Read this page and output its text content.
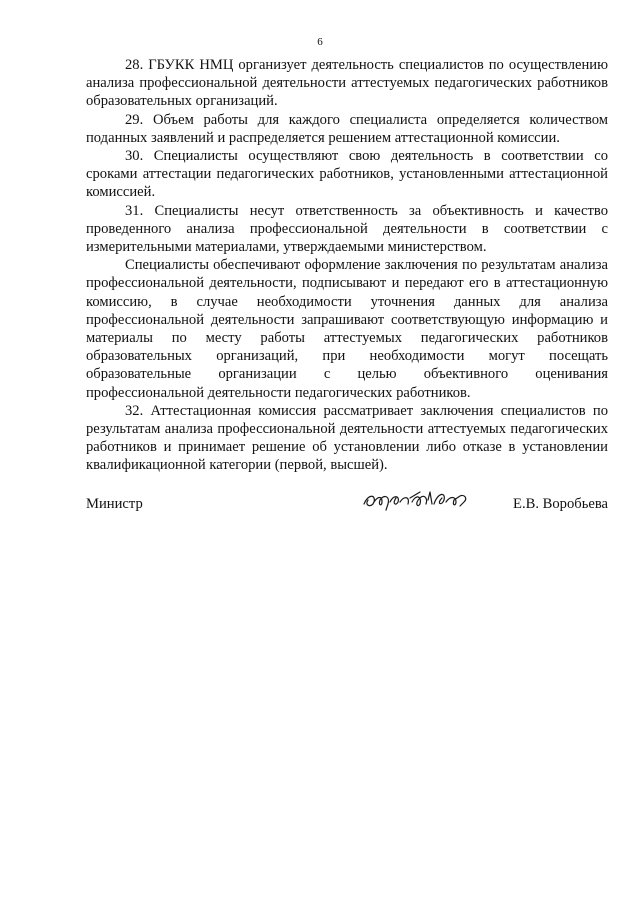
6

28. ГБУКК НМЦ организует деятельность специалистов по осуществлению анализа профессиональной деятельности аттестуемых педагогических работников образовательных организаций.

29. Объем работы для каждого специалиста определяется количеством поданных заявлений и распределяется решением аттестационной комиссии.

30. Специалисты осуществляют свою деятельность в соответствии со сроками аттестации педагогических работников, установленными аттестационной комиссией.

31. Специалисты несут ответственность за объективность и качество проведенного анализа профессиональной деятельности в соответствии с измерительными материалами, утверждаемыми министерством.

Специалисты обеспечивают оформление заключения по результатам анализа профессиональной деятельности, подписывают и передают его в аттестационную комиссию, в случае необходимости уточнения данных для анализа профессиональной деятельности запрашивают соответствующую информацию и материалы по месту работы аттестуемых педагогических работников образовательных организаций, при необходимости могут посещать образовательные организации с целью объективного оценивания профессиональной деятельности педагогических работников.

32. Аттестационная комиссия рассматривает заключения специалистов по результатам анализа профессиональной деятельности аттестуемых педагогических работников и принимает решение об установлении либо отказе в установлении квалификационной категории (первой, высшей).

Министр	Е.В. Воробьева
